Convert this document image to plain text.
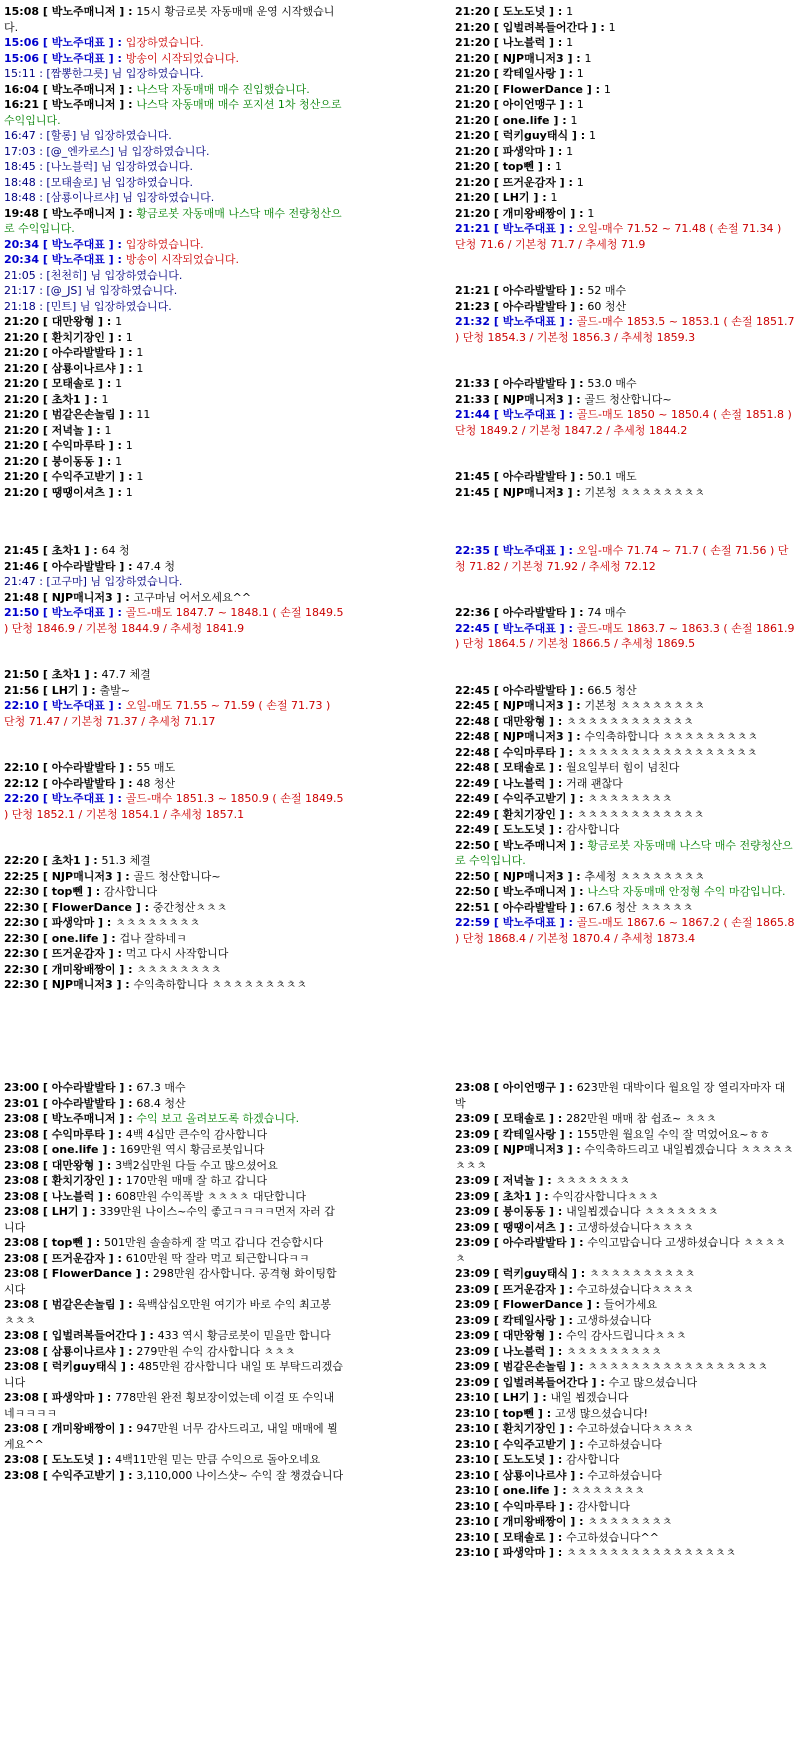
15:08 [ 박노주매니저 ] : 15시 황금로봇 자동매매 운영 시작했습니다.
15:06 [ 박노주대표 ] : 입장하였습니다.
15:06 [ 박노주대표 ] : 방송이 시작되었습니다.
15:11 : [짬뽕한그릇] 님 입장하였습니다.
16:04 [ 박노주매니저 ] : 나스닥 자동매매 매수 진입했습니다.
16:21 [ 박노주매니저 ] : 나스닥 자동매매 매수 포지션 1차 청산으로 수익입니다.
16:47 : [할롱] 님 입장하였습니다.
17:03 : [@_엔카로스] 님 입장하였습니다.
18:45 : [나노블럭] 님 입장하였습니다.
18:48 : [모태솔로] 님 입장하였습니다.
18:48 : [삼룡이나르샤] 님 입장하였습니다.
19:48 [ 박노주매니저 ] : 황금로봇 자동매매 나스닥 매수 전량청산으로 수익입니다.
20:34 [ 박노주대표 ] : 입장하였습니다.
20:34 [ 박노주대표 ] : 방송이 시작되었습니다.
21:05 : [천천히] 님 입장하였습니다.
21:17 : [@_JS] 님 입장하였습니다.
21:18 : [민트] 님 입장하였습니다.
21:20 [ 대만왕형 ] : 1
21:20 [ 환치기장인 ] : 1
21:20 [ 아수라발발타 ] : 1
21:20 [ 삼룡이나르샤 ] : 1
21:20 [ 모태솔로 ] : 1
21:20 [ 초차1 ] : 1
21:20 [ 범같은손놀림 ] : 11
21:20 [ 저녁놀 ] : 1
21:20 [ 수익마루타 ] : 1
21:20 [ 붕이동동 ] : 1
21:20 [ 수익주고받기 ] : 1
21:20 [ 땡땡이셔츠 ] : 1
21:20 [ 도노도넛 ] : 1
21:20 [ 입벌려복들어간다 ] : 1
21:20 [ 나노블럭 ] : 1
21:20 [ NJP매니저3 ] : 1
21:20 [ 칵테일사랑 ] : 1
21:20 [ FlowerDance ] : 1
21:20 [ 아이언맹구 ] : 1
21:20 [ one.life ] : 1
21:20 [ 럭키guy태식 ] : 1
21:20 [ 파생악마 ] : 1
21:20 [ top뻰 ] : 1
21:20 [ 뜨거운감자 ] : 1
21:20 [ LH기 ] : 1
21:20 [ 개미왕배짱이 ] : 1
21:21 [ 박노주대표 ] : 오일-매수 71.52 ~ 71.48 ( 손절 71.34 ) 단청 71.6 / 기본청 71.7 / 추세청 71.9

21:21 [ 아수라발발타 ] : 52 매수
21:23 [ 아수라발발타 ] : 60 청산
21:32 [ 박노주대표 ] : 골드-매수 1853.5 ~ 1853.1 ( 손절 1851.7 ) 단청 1854.3 / 기본청 1856.3 / 추세청 1859.3

21:33 [ 아수라발발타 ] : 53.0 매수
21:33 [ NJP매니저3 ] : 골드 청산합니다~
21:44 [ 박노주대표 ] : 골드-매도 1850 ~ 1850.4 ( 손절 1851.8 ) 단청 1849.2 / 기본청 1847.2 / 추세청 1844.2

21:45 [ 아수라발발타 ] : 50.1 매도
21:45 [ NJP매니저3 ] : 기본청 ㅊㅊㅊㅊㅊㅊㅊㅊ
21:45 [ 초차1 ] : 64 청
21:46 [ 아수라발발타 ] : 47.4 청
21:47 : [고구마] 님 입장하였습니다.
21:48 [ NJP매니저3 ] : 고구마님 어서오세요^^
21:50 [ 박노주대표 ] : 골드-매도 1847.7 ~ 1848.1 ( 손절 1849.5 ) 단청 1846.9 / 기본청 1844.9 / 추세청 1841.9

21:50 [ 초차1 ] : 47.7 체결
21:56 [ LH기 ] : 출발~
22:10 [ 박노주대표 ] : 오일-매도 71.55 ~ 71.59 ( 손절 71.73 ) 단청 71.47 / 기본청 71.37 / 추세청 71.17

22:10 [ 아수라발발타 ] : 55 매도
22:12 [ 아수라발발타 ] : 48 청산
22:20 [ 박노주대표 ] : 골드-매수 1851.3 ~ 1850.9 ( 손절 1849.5 ) 단청 1852.1 / 기본청 1854.1 / 추세청 1857.1

22:20 [ 초차1 ] : 51.3 체결
22:25 [ NJP매니저3 ] : 골드 청산합니다~
22:30 [ top뻰 ] : 감사합니다
22:30 [ FlowerDance ] : 중간청산ㅊㅊㅊ
22:30 [ 파생악마 ] : ㅊㅊㅊㅊㅊㅊㅊㅊ
22:30 [ one.life ] : 겁나 잘하네ㅋ
22:30 [ 뜨거운감자 ] : 먹고 다시 사작합니다
22:30 [ 개미왕배짱이 ] : ㅊㅊㅊㅊㅊㅊㅊㅊ
22:30 [ NJP매니저3 ] : 수익축하합니다 ㅊㅊㅊㅊㅊㅊㅊㅊㅊ
22:35 [ 박노주대표 ] : 오일-매수 71.74 ~ 71.7 ( 손절 71.56 ) 단청 71.82 / 기본청 71.92 / 추세청 72.12

22:36 [ 아수라발발타 ] : 74 매수
22:45 [ 박노주대표 ] : 골드-매도 1863.7 ~ 1863.3 ( 손절 1861.9 ) 단청 1864.5 / 기본청 1866.5 / 추세청 1869.5

22:45 [ 아수라발발타 ] : 66.5 청산
22:45 [ NJP매니저3 ] : 기본청 ㅊㅊㅊㅊㅊㅊㅊㅊ
22:48 [ 대만왕형 ] : ㅊㅊㅊㅊㅊㅊㅊㅊㅊㅊㅊㅊ
22:48 [ NJP매니저3 ] : 수익축하합니다 ㅊㅊㅊㅊㅊㅊㅊㅊㅊ
22:48 [ 수익마루타 ] : ㅊㅊㅊㅊㅊㅊㅊㅊㅊㅊㅊㅊㅊㅊㅊㅊㅊ
22:48 [ 모태솔로 ] : 월요일부터 힘이 넘친다
22:49 [ 나노블럭 ] : 거래 괜찮다
22:49 [ 수익주고받기 ] : ㅊㅊㅊㅊㅊㅊㅊㅊ
22:49 [ 환치기장인 ] : ㅊㅊㅊㅊㅊㅊㅊㅊㅊㅊㅊㅊ
22:49 [ 도노도넛 ] : 감사합니다
22:50 [ 박노주매니저 ] : 황금로봇 자동매매 나스닥 매수 전량청산으로 수익입니다.
22:50 [ NJP매니저3 ] : 추세청 ㅊㅊㅊㅊㅊㅊㅊㅊ
22:50 [ 박노주매니저 ] : 나스닥 자동매매 안정형 수익 마감입니다.
22:51 [ 아수라발발타 ] : 67.6 청산 ㅊㅊㅊㅊㅊ
22:59 [ 박노주대표 ] : 골드-매도 1867.6 ~ 1867.2 ( 손절 1865.8 ) 단청 1868.4 / 기본청 1870.4 / 추세청 1873.4
23:00 [ 아수라발발타 ] : 67.3 매수
23:01 [ 아수라발발타 ] : 68.4 청산
23:08 [ 박노주매니저 ] : 수익 보고 올려보도록 하겠습니다.
23:08 [ 수익마루타 ] : 4백 4십만 큰수익 감사합니다
23:08 [ one.life ] : 169만원 역시 황금로봇입니다
23:08 [ 대만왕형 ] : 3백2십만원 다들 수고 많으셨어요
23:08 [ 환치기장인 ] : 170만원 매매 잘 하고 갑니다
23:08 [ 나노블럭 ] : 608만원 수익폭발 ㅊㅊㅊㅊ 대단합니다
23:08 [ LH기 ] : 339만원 나이스~수익 좋고ㅋㅋㅋㅋ먼저 자러 갑니다
23:08 [ top뻰 ] : 501만원 솔솔하게 잘 먹고 갑니다 건승합시다
23:08 [ 뜨거운감자 ] : 610만원 딱 잘라 먹고 퇴근합니다ㅋㅋ
23:08 [ FlowerDance ] : 298만원 감사합니다. 공격형 화이팅합시다
23:08 [ 범같은손놀림 ] : 육백삽십오만원 여기가 바로 수익 최고봉 ㅊㅊㅊ
23:08 [ 입벌려복들어간다 ] : 433 역시 황금로봇이 믿을만 합니다
23:08 [ 삼룡이나르샤 ] : 279만원 수익 감사합니다 ㅊㅊㅊ
23:08 [ 럭키guy태식 ] : 485만원 감사합니다 내일 또 부탁드리겠습니다
23:08 [ 파생악마 ] : 778만원 완전 횡보장이었는데 이걸 또 수익내네ㅋㅋㅋㅋ
23:08 [ 개미왕배짱이 ] : 947만원 너무 감사드리고, 내일 매매에 뵐게요^^
23:08 [ 도노도넛 ] : 4백11만원 믿는 만큼 수익으로 돌아오네요
23:08 [ 수익주고받기 ] : 3,110,000 나이스샷~ 수익 잘 챙겼습니다
23:08 [ 아이언맹구 ] : 623만원 대박이다 월요일 장 열리자마자 대박
23:09 [ 모태솔로 ] : 282만원 매매 참 쉽죠~ ㅊㅊㅊ
23:09 [ 칵테일사랑 ] : 155만원 월요일 수익 잘 먹었어요~ㅎㅎ
23:09 [ NJP매니저3 ] : 수익축하드리고 내일뵙겠습니다 ㅊㅊㅊㅊㅊㅊㅊㅊ
23:09 [ 저녁놀 ] : ㅊㅊㅊㅊㅊㅊㅊ
23:09 [ 초차1 ] : 수익감사합니다ㅊㅊㅊ
23:09 [ 붕이동동 ] : 내일뵙겠습니다 ㅊㅊㅊㅊㅊㅊㅊ
23:09 [ 땡땡이셔츠 ] : 고생하셨습니다ㅊㅊㅊㅊ
23:09 [ 아수라발발타 ] : 수익고맙습니다 고생하셨습니다 ㅊㅊㅊㅊㅊ
23:09 [ 럭키guy태식 ] : ㅊㅊㅊㅊㅊㅊㅊㅊㅊㅊ
23:09 [ 뜨거운감자 ] : 수고하셨습니다ㅊㅊㅊㅊ
23:09 [ FlowerDance ] : 들어가세요
23:09 [ 칵테일사랑 ] : 고생하셨습니다
23:09 [ 대만왕형 ] : 수익 감사드립니다ㅊㅊㅊ
23:09 [ 나노블럭 ] : ㅊㅊㅊㅊㅊㅊㅊㅊㅊ
23:09 [ 범같은손놀림 ] : ㅊㅊㅊㅊㅊㅊㅊㅊㅊㅊㅊㅊㅊㅊㅊㅊㅊ
23:09 [ 입벌려복들어간다 ] : 수고 많으셨습니다
23:10 [ LH기 ] : 내일 뵙겠습니다
23:10 [ top뻰 ] : 고생 많으셨습니다!
23:10 [ 환치기장인 ] : 수고하셨습니다ㅊㅊㅊㅊ
23:10 [ 수익주고받기 ] : 수고하셨습니다
23:10 [ 도노도넛 ] : 감사합니다
23:10 [ 삼룡이나르샤 ] : 수고하셨습니다
23:10 [ one.life ] : ㅊㅊㅊㅊㅊㅊㅊ
23:10 [ 수익마루타 ] : 감사합니다
23:10 [ 개미왕배짱이 ] : ㅊㅊㅊㅊㅊㅊㅊㅊ
23:10 [ 모태솔로 ] : 수고하셨습니다^^
23:10 [ 파생악마 ] : ㅊㅊㅊㅊㅊㅊㅊㅊㅊㅊㅊㅊㅊㅊㅊㅊ
